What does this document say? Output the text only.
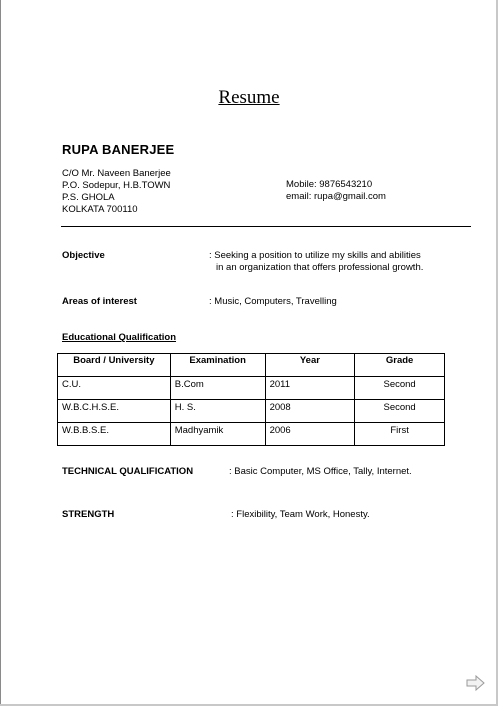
Resume
RUPA BANERJEE
C/O Mr. Naveen Banerjee
P.O. Sodepur, H.B.TOWN
P.S. GHOLA
KOLKATA 700110
Mobile: 9876543210
email: rupa@gmail.com
Objective	: Seeking a position to utilize my skills and abilities
in an organization that offers professional growth.
Areas of interest	: Music, Computers, Travelling
Educational Qualification
Board / University	Examination	Year	Grade
C.U.	B.Com	2011	Second
W.B.C.H.S.E.	H. S.	2008	Second
W.B.B.S.E.	Madhyamik	2006	First
TECHNICAL QUALIFICATION	: Basic Computer, MS Office, Tally, Internet.
STRENGTH	: Flexibility, Team Work, Honesty.
